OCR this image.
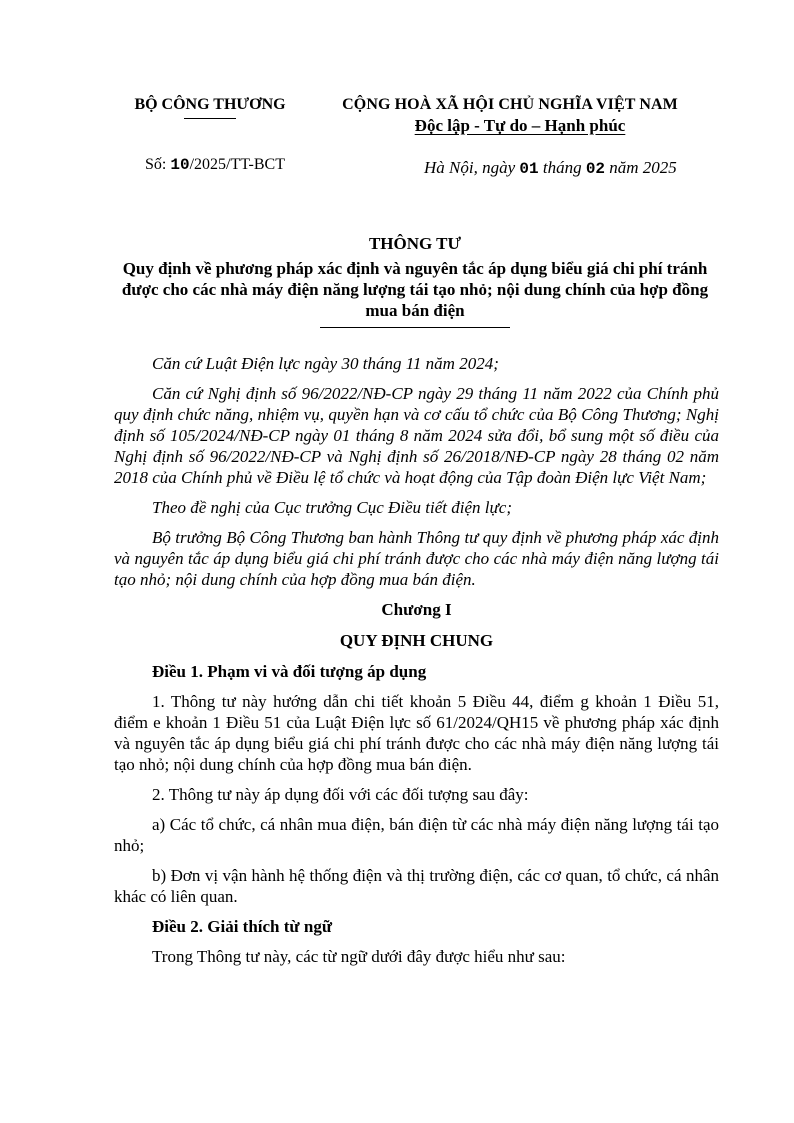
BỘ CÔNG THƯƠNG	CỘNG HOÀ XÃ HỘI CHỦ NGHĨA VIỆT NAM
Độc lập - Tự do – Hạnh phúc
Số: 10/2025/TT-BCT	Hà Nội, ngày 01 tháng 02 năm 2025
THÔNG TƯ
Quy định về phương pháp xác định và nguyên tắc áp dụng biểu giá chi phí tránh được cho các nhà máy điện năng lượng tái tạo nhỏ; nội dung chính của hợp đồng mua bán điện

Căn cứ Luật Điện lực ngày 30 tháng 11 năm 2024;

Căn cứ Nghị định số 96/2022/NĐ-CP ngày 29 tháng 11 năm 2022 của Chính phủ quy định chức năng, nhiệm vụ, quyền hạn và cơ cấu tổ chức của Bộ Công Thương; Nghị định số 105/2024/NĐ-CP ngày 01 tháng 8 năm 2024 sửa đổi, bổ sung một số điều của Nghị định số 96/2022/NĐ-CP và Nghị định số 26/2018/NĐ-CP ngày 28 tháng 02 năm 2018 của Chính phủ về Điều lệ tổ chức và hoạt động của Tập đoàn Điện lực Việt Nam;

Theo đề nghị của Cục trưởng Cục Điều tiết điện lực;

Bộ trưởng Bộ Công Thương ban hành Thông tư quy định về phương pháp xác định và nguyên tắc áp dụng biểu giá chi phí tránh được cho các nhà máy điện năng lượng tái tạo nhỏ; nội dung chính của hợp đồng mua bán điện.

Chương I
QUY ĐỊNH CHUNG
Điều 1. Phạm vi và đối tượng áp dụng

1. Thông tư này hướng dẫn chi tiết khoản 5 Điều 44, điểm g khoản 1 Điều 51, điểm e khoản 1 Điều 51 của Luật Điện lực số 61/2024/QH15 về phương pháp xác định và nguyên tắc áp dụng biểu giá chi phí tránh được cho các nhà máy điện năng lượng tái tạo nhỏ; nội dung chính của hợp đồng mua bán điện.

2. Thông tư này áp dụng đối với các đối tượng sau đây:

a) Các tổ chức, cá nhân mua điện, bán điện từ các nhà máy điện năng lượng tái tạo nhỏ;

b) Đơn vị vận hành hệ thống điện và thị trường điện, các cơ quan, tổ chức, cá nhân khác có liên quan.

Điều 2. Giải thích từ ngữ

Trong Thông tư này, các từ ngữ dưới đây được hiểu như sau:
